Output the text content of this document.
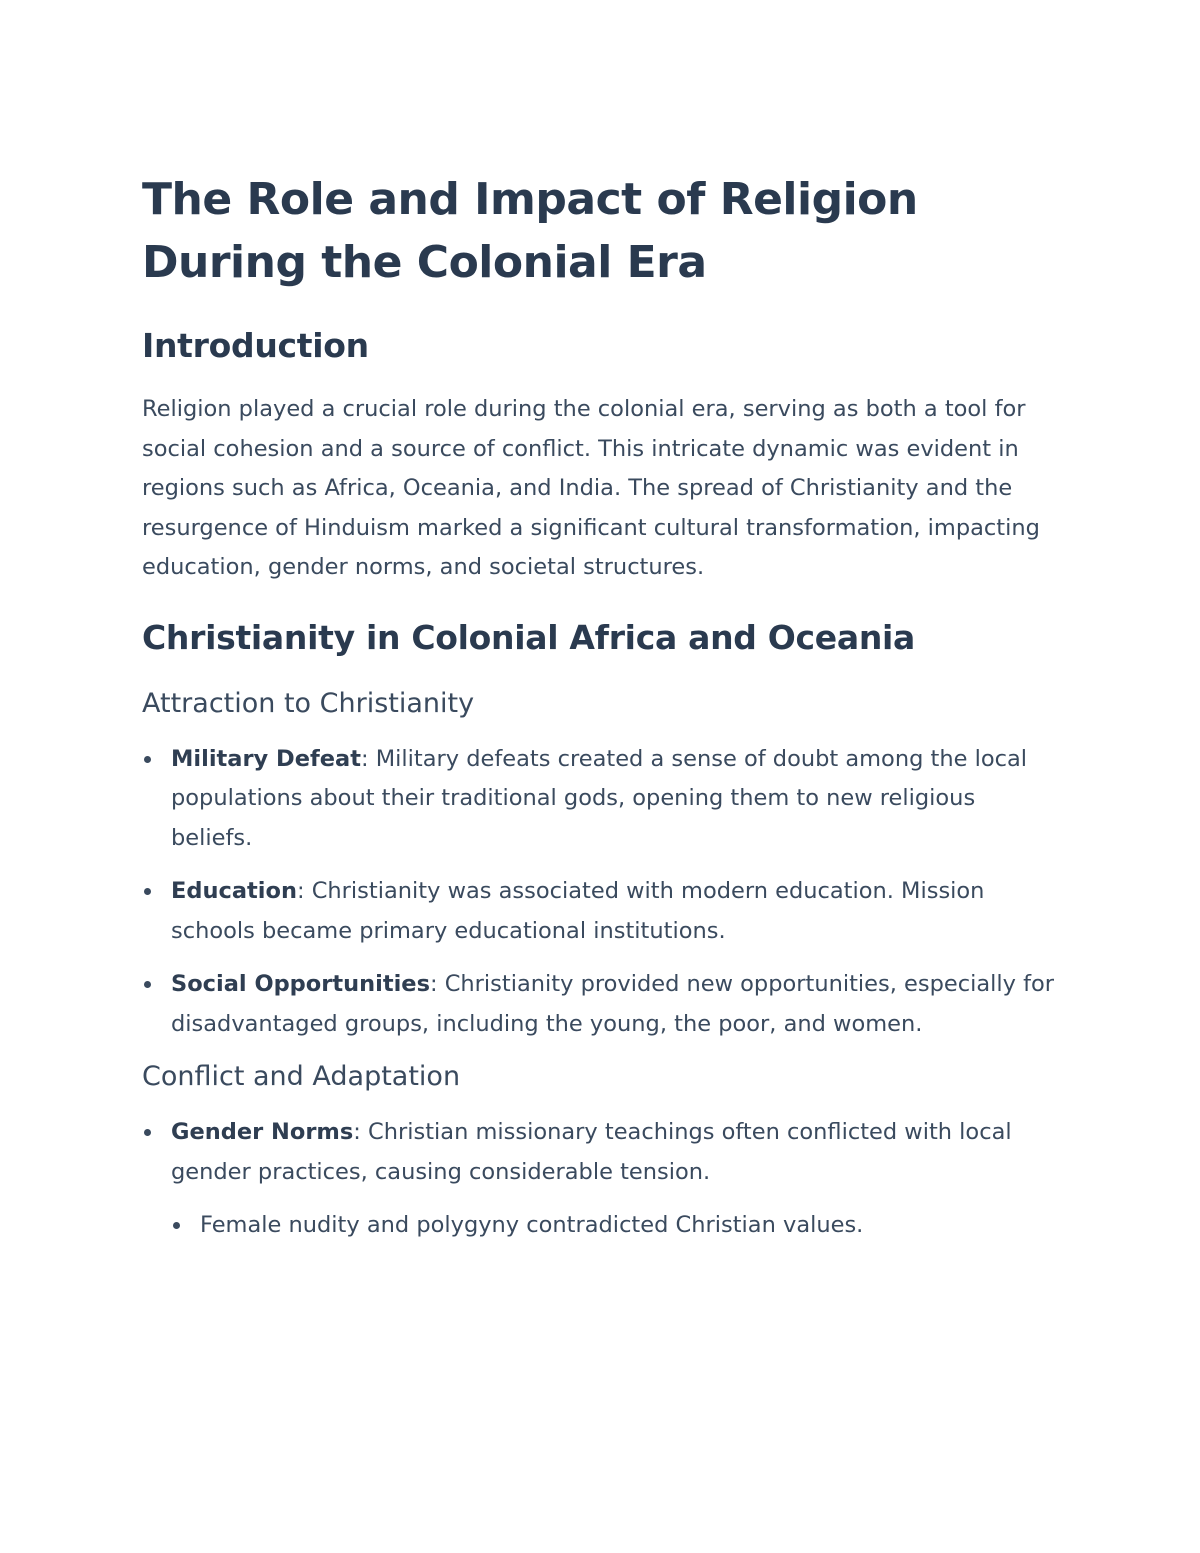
The Role and Impact of Religion During the Colonial Era
Introduction

Religion played a crucial role during the colonial era, serving as both a tool for social cohesion and a source of conflict. This intricate dynamic was evident in regions such as Africa, Oceania, and India. The spread of Christianity and the resurgence of Hinduism marked a significant cultural transformation, impacting education, gender norms, and societal structures.

Christianity in Colonial Africa and Oceania
Attraction to Christianity
Military Defeat: Military defeats created a sense of doubt among the local populations about their traditional gods, opening them to new religious beliefs.
Education: Christianity was associated with modern education. Mission schools became primary educational institutions.
Social Opportunities: Christianity provided new opportunities, especially for disadvantaged groups, including the young, the poor, and women.
Conflict and Adaptation
Gender Norms: Christian missionary teachings often conflicted with local gender practices, causing considerable tension.
Female nudity and polygyny contradicted Christian values.
